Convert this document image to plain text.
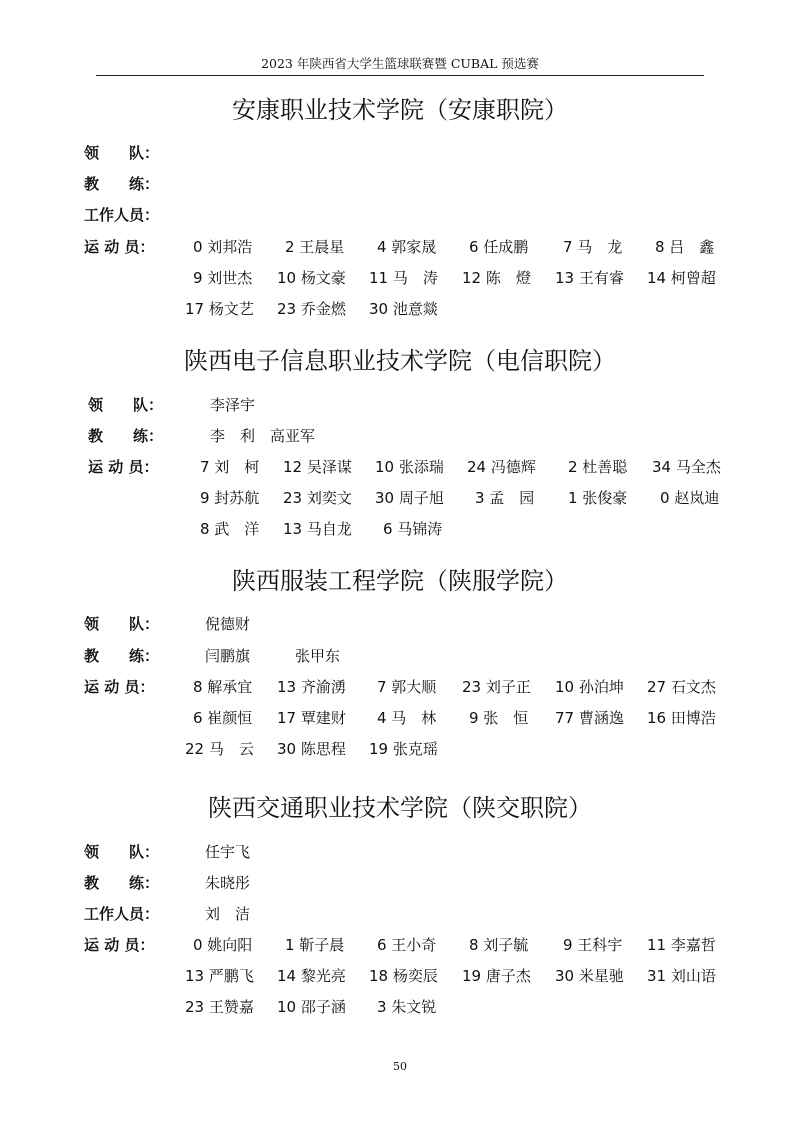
2023 年陕西省大学生篮球联赛暨 CUBAL 预选赛
安康职业技术学院（安康职院）
领　　队：
教　　练：
工作人员：
运 动 员：	0 刘邦浩 2 王晨星 4 郭家晟 6 任成鹏 7 马　龙 8 吕　鑫
9 刘世杰 10 杨文豪 11 马　涛 12 陈　燈 13 王有睿 14 柯曾超
17 杨文艺 23 乔金燃 30 池意燚
陕西电子信息职业技术学院（电信职院）
领　　队：	李泽宇
教　　练：	李　利　高亚军
运 动 员：	7 刘　柯 12 吴泽谋 10 张添瑞 24 冯德辉 2 杜善聪 34 马全杰
9 封苏航 23 刘奕文 30 周子旭 3 孟　园 1 张俊豪 0 赵岚迪
8 武　洋 13 马自龙 6 马锦涛
陕西服装工程学院（陕服学院）
领　　队：	倪德财
教　　练：	闫鹏旗　　　张甲东
运 动 员：	8 解承宜 13 齐渝湧 7 郭大顺 23 刘子正 10 孙泊坤 27 石文杰
6 崔颜恒 17 覃建财 4 马　林 9 张　恒 77 曹涵逸 16 田博浩
22 马　云 30 陈思程 19 张克瑶
陕西交通职业技术学院（陕交职院）
领　　队：	任宇飞
教　　练：	朱晓彤
工作人员：	刘　洁
运 动 员：	0 姚向阳 1 靳子晨 6 王小奇 8 刘子毓 9 王科宇 11 李嘉哲
13 严鹏飞 14 黎光亮 18 杨奕辰 19 唐子杰 30 米星驰 31 刘山语
23 王赞嘉 10 邵子涵 3 朱文锐
50
